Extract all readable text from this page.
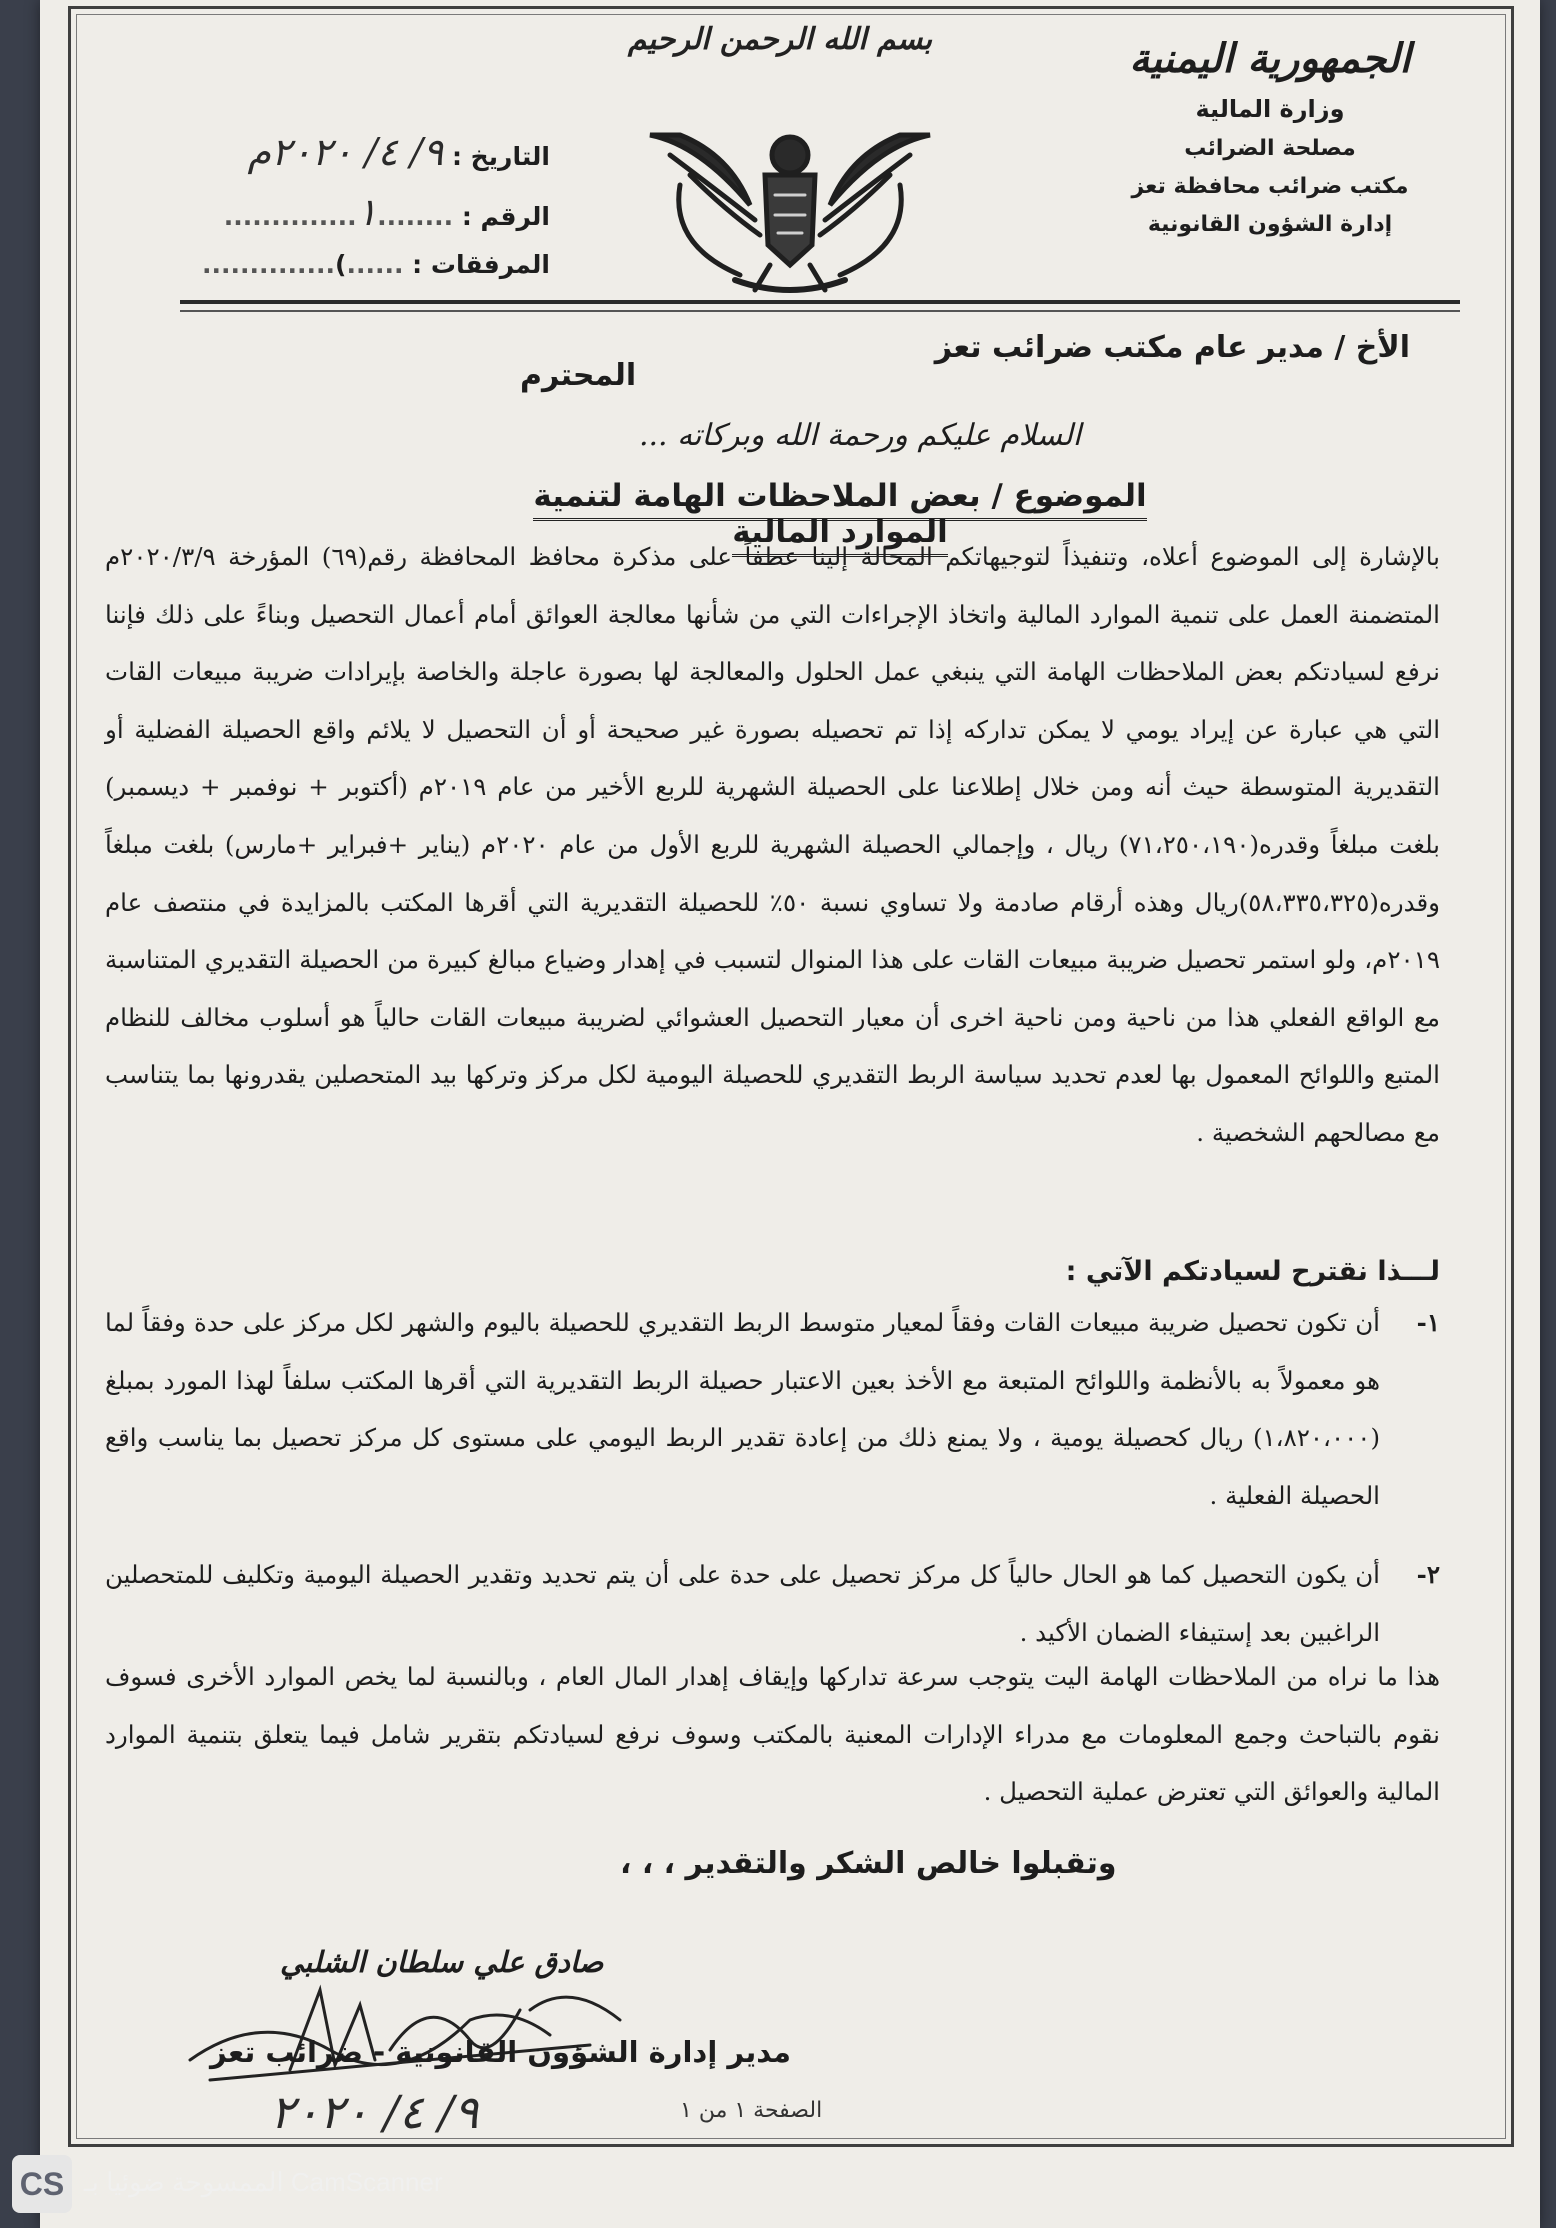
بسم الله الرحمن الرحيم	الجمهورية اليمنية
وزارة المالية
مصلحة الضرائب
مكتب ضرائب محافظة تعز
إدارة الشؤون القانونية
التاريخ : ٩/ ٤/ ٢٠٢٠م
الرقم : ........١..............
المرفقات : ......)..............
الأخ / مدير عام مكتب ضرائب تعز
المحترم
السلام عليكم ورحمة الله وبركاته ...
الموضوع / بعض الملاحظات الهامة لتنمية الموارد المالية

بالإشارة إلى الموضوع أعلاه، وتنفيذاً لتوجيهاتكم المحالة إلينا عطفاً على مذكرة محافظ المحافظة رقم(٦٩) المؤرخة ٢٠٢٠/٣/٩م المتضمنة العمل على تنمية الموارد المالية واتخاذ الإجراءات التي من شأنها معالجة العوائق أمام أعمال التحصيل وبناءً على ذلك فإننا نرفع لسيادتكم بعض الملاحظات الهامة التي ينبغي عمل الحلول والمعالجة لها بصورة عاجلة والخاصة بإيرادات ضريبة مبيعات القات التي هي عبارة عن إيراد يومي لا يمكن تداركه إذا تم تحصيله بصورة غير صحيحة أو أن التحصيل لا يلائم واقع الحصيلة الفضلية أو التقديرية المتوسطة حيث أنه ومن خلال إطلاعنا على الحصيلة الشهرية للربع الأخير من عام ٢٠١٩م (أكتوبر + نوفمبر + ديسمبر) بلغت مبلغاً وقدره(٧١،٢٥٠،١٩٠) ريال ، وإجمالي الحصيلة الشهرية للربع الأول من عام ٢٠٢٠م (يناير +فبراير +مارس) بلغت مبلغاً وقدره(٥٨،٣٣٥،٣٢٥)ريال وهذه أرقام صادمة ولا تساوي نسبة ٥٠٪ للحصيلة التقديرية التي أقرها المكتب بالمزايدة في منتصف عام ٢٠١٩م، ولو استمر تحصيل ضريبة مبيعات القات على هذا المنوال لتسبب في إهدار وضياع مبالغ كبيرة من الحصيلة التقديري المتناسبة مع الواقع الفعلي هذا من ناحية ومن ناحية اخرى أن معيار التحصيل العشوائي لضريبة مبيعات القات حالياً هو أسلوب مخالف للنظام المتبع واللوائح المعمول بها لعدم تحديد سياسة الربط التقديري للحصيلة اليومية لكل مركز وتركها بيد المتحصلين يقدرونها بما يتناسب مع مصالحهم الشخصية .

لـــذا نقترح لسيادتكم الآتي :
١-
أن تكون تحصيل ضريبة مبيعات القات وفقاً لمعيار متوسط الربط التقديري للحصيلة باليوم والشهر لكل مركز على حدة وفقاً لما هو معمولاً به بالأنظمة واللوائح المتبعة مع الأخذ بعين الاعتبار حصيلة الربط التقديرية التي أقرها المكتب سلفاً لهذا المورد بمبلغ (١،٨٢٠،٠٠٠) ريال كحصيلة يومية ، ولا يمنع ذلك من إعادة تقدير الربط اليومي على مستوى كل مركز تحصيل بما يناسب واقع الحصيلة الفعلية .
٢-
أن يكون التحصيل كما هو الحال حالياً كل مركز تحصيل على حدة على أن يتم تحديد وتقدير الحصيلة اليومية وتكليف للمتحصلين الراغبين بعد إستيفاء الضمان الأكيد .
هذا ما نراه من الملاحظات الهامة اليت يتوجب سرعة تداركها وإيقاف إهدار المال العام ، وبالنسبة لما يخص الموارد الأخرى فسوف نقوم بالتباحث وجمع المعلومات مع مدراء الإدارات المعنية بالمكتب وسوف نرفع لسيادتكم بتقرير شامل فيما يتعلق بتنمية الموارد المالية والعوائق التي تعترض عملية التحصيل .
وتقبلوا خالص الشكر والتقدير ، ، ،
صادق علي سلطان الشلبي
مدير إدارة الشؤون القانونية - ضرائب تعز
٩/ ٤/ ٢٠٢٠	الصفحة ١ من ١
CS الممسوحة ضوئيا بـ CamScanner
